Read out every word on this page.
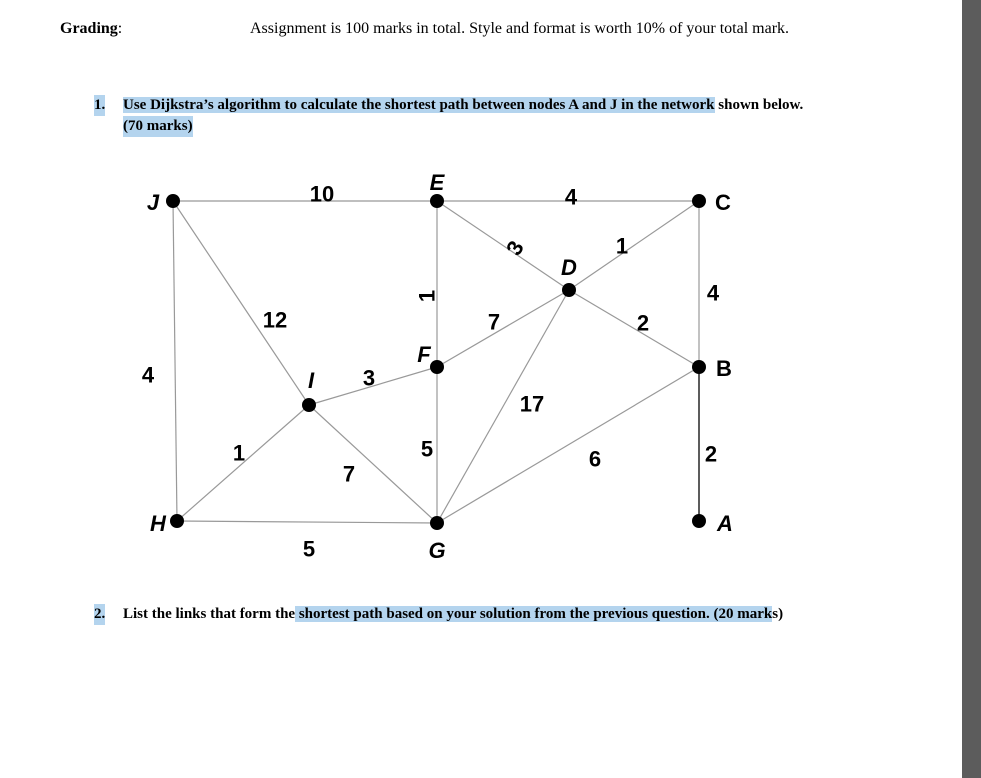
Grading:	Assignment is 100 marks in total. Style and format is worth 10% of your total mark.
1. Use Dijkstra’s algorithm to calculate the shortest path between nodes A and J in the network shown below.
(70 marks)
10	4
3	1
1
12
4
7	2
4
3
17
1	5
7
6	2
5
J
E
C
D
B
F
I
H
G
A
2. List the links that form the shortest path based on your solution from the previous question. (20 marks)
